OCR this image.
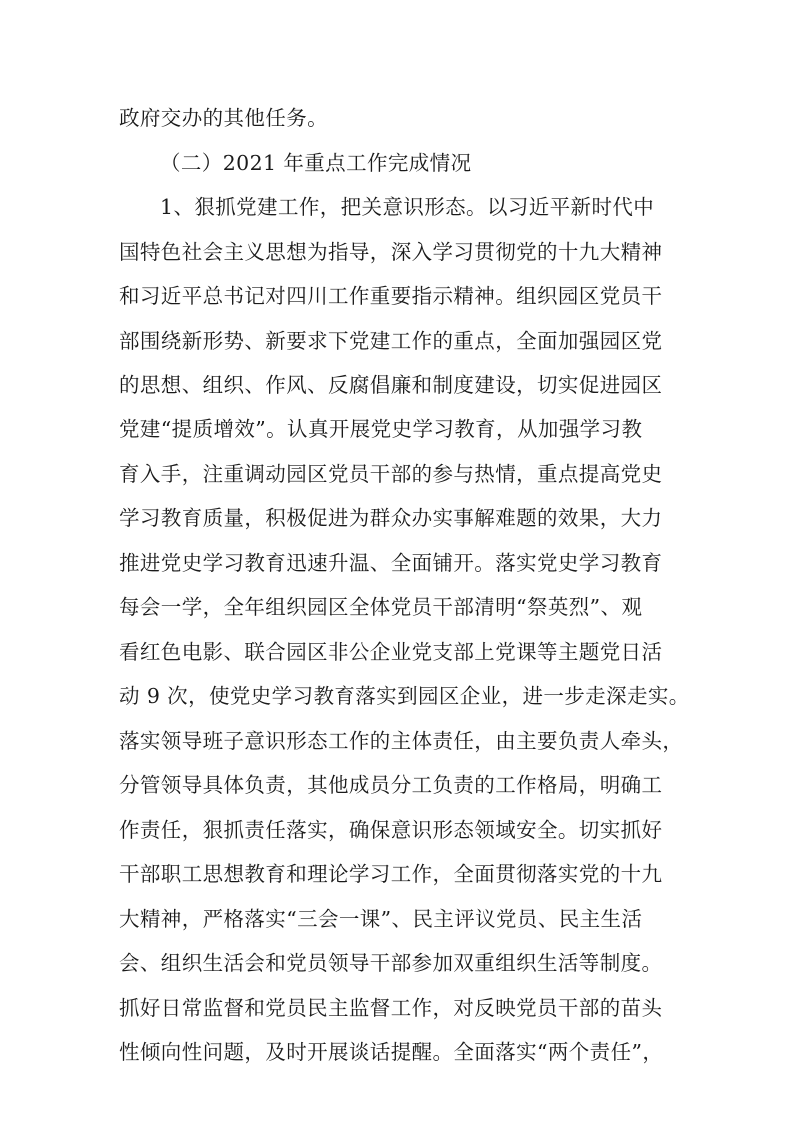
政府交办的其他任务。
（二）2021 年重点工作完成情况
1、狠抓党建工作，把关意识形态。以习近平新时代中
国特色社会主义思想为指导，深入学习贯彻党的十九大精神
和习近平总书记对四川工作重要指示精神。组织园区党员干
部围绕新形势、新要求下党建工作的重点，全面加强园区党
的思想、组织、作风、反腐倡廉和制度建设，切实促进园区
党建“提质增效”。认真开展党史学习教育，从加强学习教
育入手，注重调动园区党员干部的参与热情，重点提高党史
学习教育质量，积极促进为群众办实事解难题的效果，大力
推进党史学习教育迅速升温、全面铺开。落实党史学习教育
每会一学，全年组织园区全体党员干部清明“祭英烈”、观
看红色电影、联合园区非公企业党支部上党课等主题党日活
动 9 次，使党史学习教育落实到园区企业，进一步走深走实。
落实领导班子意识形态工作的主体责任，由主要负责人牵头，
分管领导具体负责，其他成员分工负责的工作格局，明确工
作责任，狠抓责任落实，确保意识形态领域安全。切实抓好
干部职工思想教育和理论学习工作，全面贯彻落实党的十九
大精神，严格落实“三会一课”、民主评议党员、民主生活
会、组织生活会和党员领导干部参加双重组织生活等制度。
抓好日常监督和党员民主监督工作，对反映党员干部的苗头
性倾向性问题，及时开展谈话提醒。全面落实“两个责任”，
